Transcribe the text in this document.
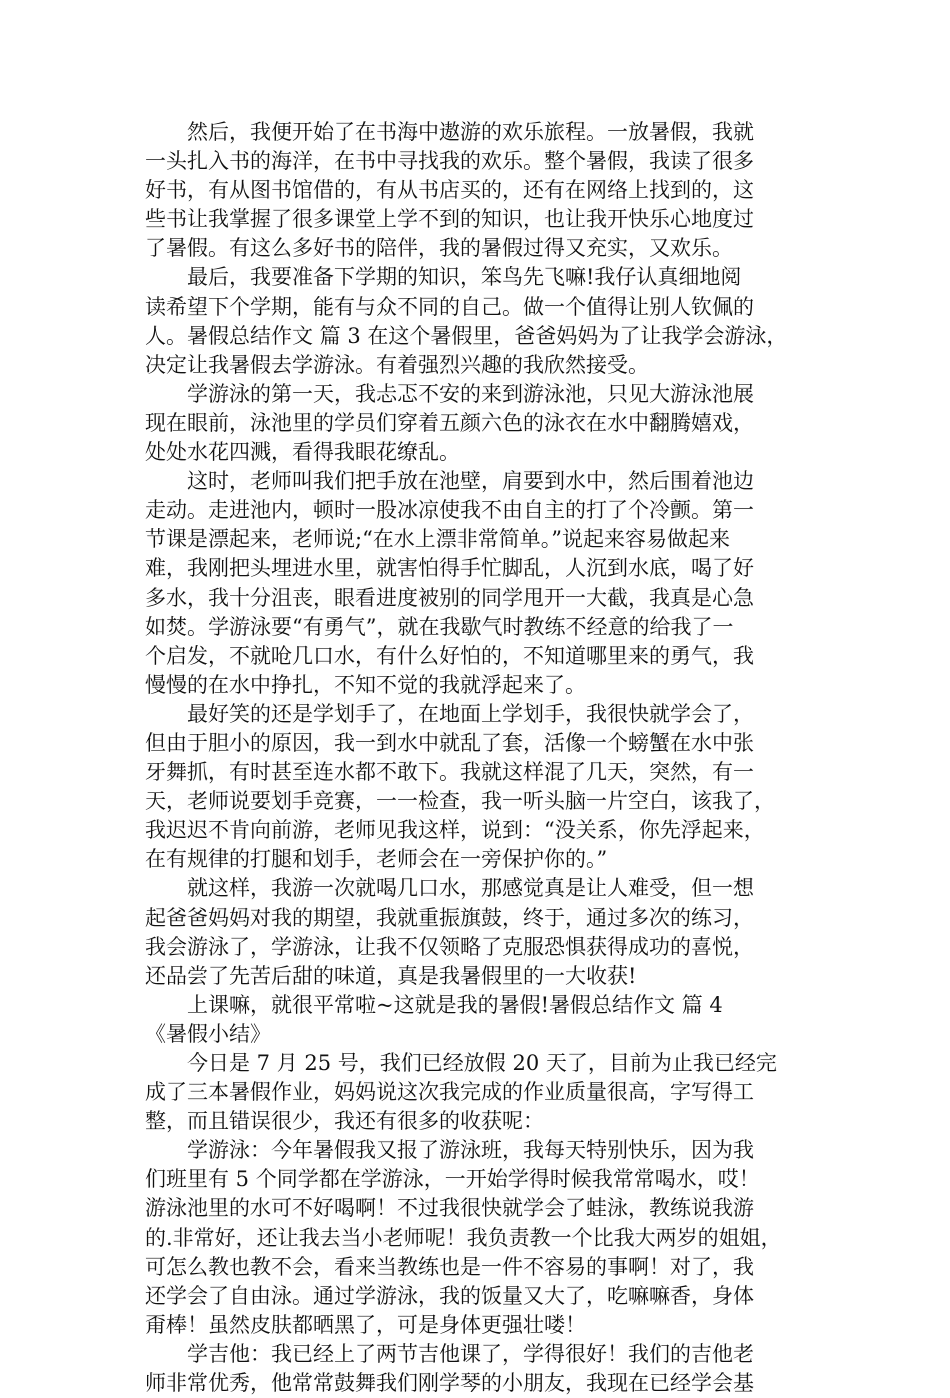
　　然后，我便开始了在书海中遨游的欢乐旅程。一放暑假，我就
一头扎入书的海洋，在书中寻找我的欢乐。整个暑假，我读了很多
好书，有从图书馆借的，有从书店买的，还有在网络上找到的，这
些书让我掌握了很多课堂上学不到的知识，也让我开快乐心地度过
了暑假。有这么多好书的陪伴，我的暑假过得又充实，又欢乐。
　　最后，我要准备下学期的知识，笨鸟先飞嘛!我仔认真细地阅
读希望下个学期，能有与众不同的自己。做一个值得让别人钦佩的
人。暑假总结作文 篇 3 在这个暑假里，爸爸妈妈为了让我学会游泳，
决定让我暑假去学游泳。有着强烈兴趣的我欣然接受。
　　学游泳的第一天，我忐忑不安的来到游泳池，只见大游泳池展
现在眼前，泳池里的学员们穿着五颜六色的泳衣在水中翻腾嬉戏，
处处水花四溅，看得我眼花缭乱。
　　这时，老师叫我们把手放在池壁，肩要到水中，然后围着池边
走动。走进池内，顿时一股冰凉使我不由自主的打了个冷颤。第一
节课是漂起来，老师说;“在水上漂非常简单。”说起来容易做起来
难，我刚把头埋进水里，就害怕得手忙脚乱，人沉到水底，喝了好
多水，我十分沮丧，眼看进度被别的同学甩开一大截，我真是心急
如焚。学游泳要“有勇气”，就在我歇气时教练不经意的给我了一
个启发，不就呛几口水，有什么好怕的，不知道哪里来的勇气，我
慢慢的在水中挣扎，不知不觉的我就浮起来了。
　　最好笑的还是学划手了，在地面上学划手，我很快就学会了，
但由于胆小的原因，我一到水中就乱了套，活像一个螃蟹在水中张
牙舞抓，有时甚至连水都不敢下。我就这样混了几天，突然，有一
天，老师说要划手竞赛，一一检查，我一听头脑一片空白，该我了，
我迟迟不肯向前游，老师见我这样，说到：“没关系，你先浮起来，
在有规律的打腿和划手，老师会在一旁保护你的。”
　　就这样，我游一次就喝几口水，那感觉真是让人难受，但一想
起爸爸妈妈对我的期望，我就重振旗鼓，终于，通过多次的练习，
我会游泳了，学游泳，让我不仅领略了克服恐惧获得成功的喜悦，
还品尝了先苦后甜的味道，真是我暑假里的一大收获!
　　上课嘛，就很平常啦~这就是我的暑假!暑假总结作文 篇 4
《暑假小结》
　　今日是 7 月 25 号，我们已经放假 20 天了，目前为止我已经完
成了三本暑假作业，妈妈说这次我完成的作业质量很高，字写得工
整，而且错误很少，我还有很多的收获呢：
　　学游泳：今年暑假我又报了游泳班，我每天特别快乐，因为我
们班里有 5 个同学都在学游泳，一开始学得时候我常常喝水，哎！
游泳池里的水可不好喝啊！不过我很快就学会了蛙泳，教练说我游
的.非常好，还让我去当小老师呢！我负责教一个比我大两岁的姐姐，
可怎么教也教不会，看来当教练也是一件不容易的事啊！对了，我
还学会了自由泳。通过学游泳，我的饭量又大了，吃嘛嘛香，身体
甭棒！虽然皮肤都晒黑了，可是身体更强壮喽！
　　学吉他：我已经上了两节吉他课了，学得很好！我们的吉他老
师非常优秀，他常常鼓舞我们刚学琴的小朋友，我现在已经学会基
